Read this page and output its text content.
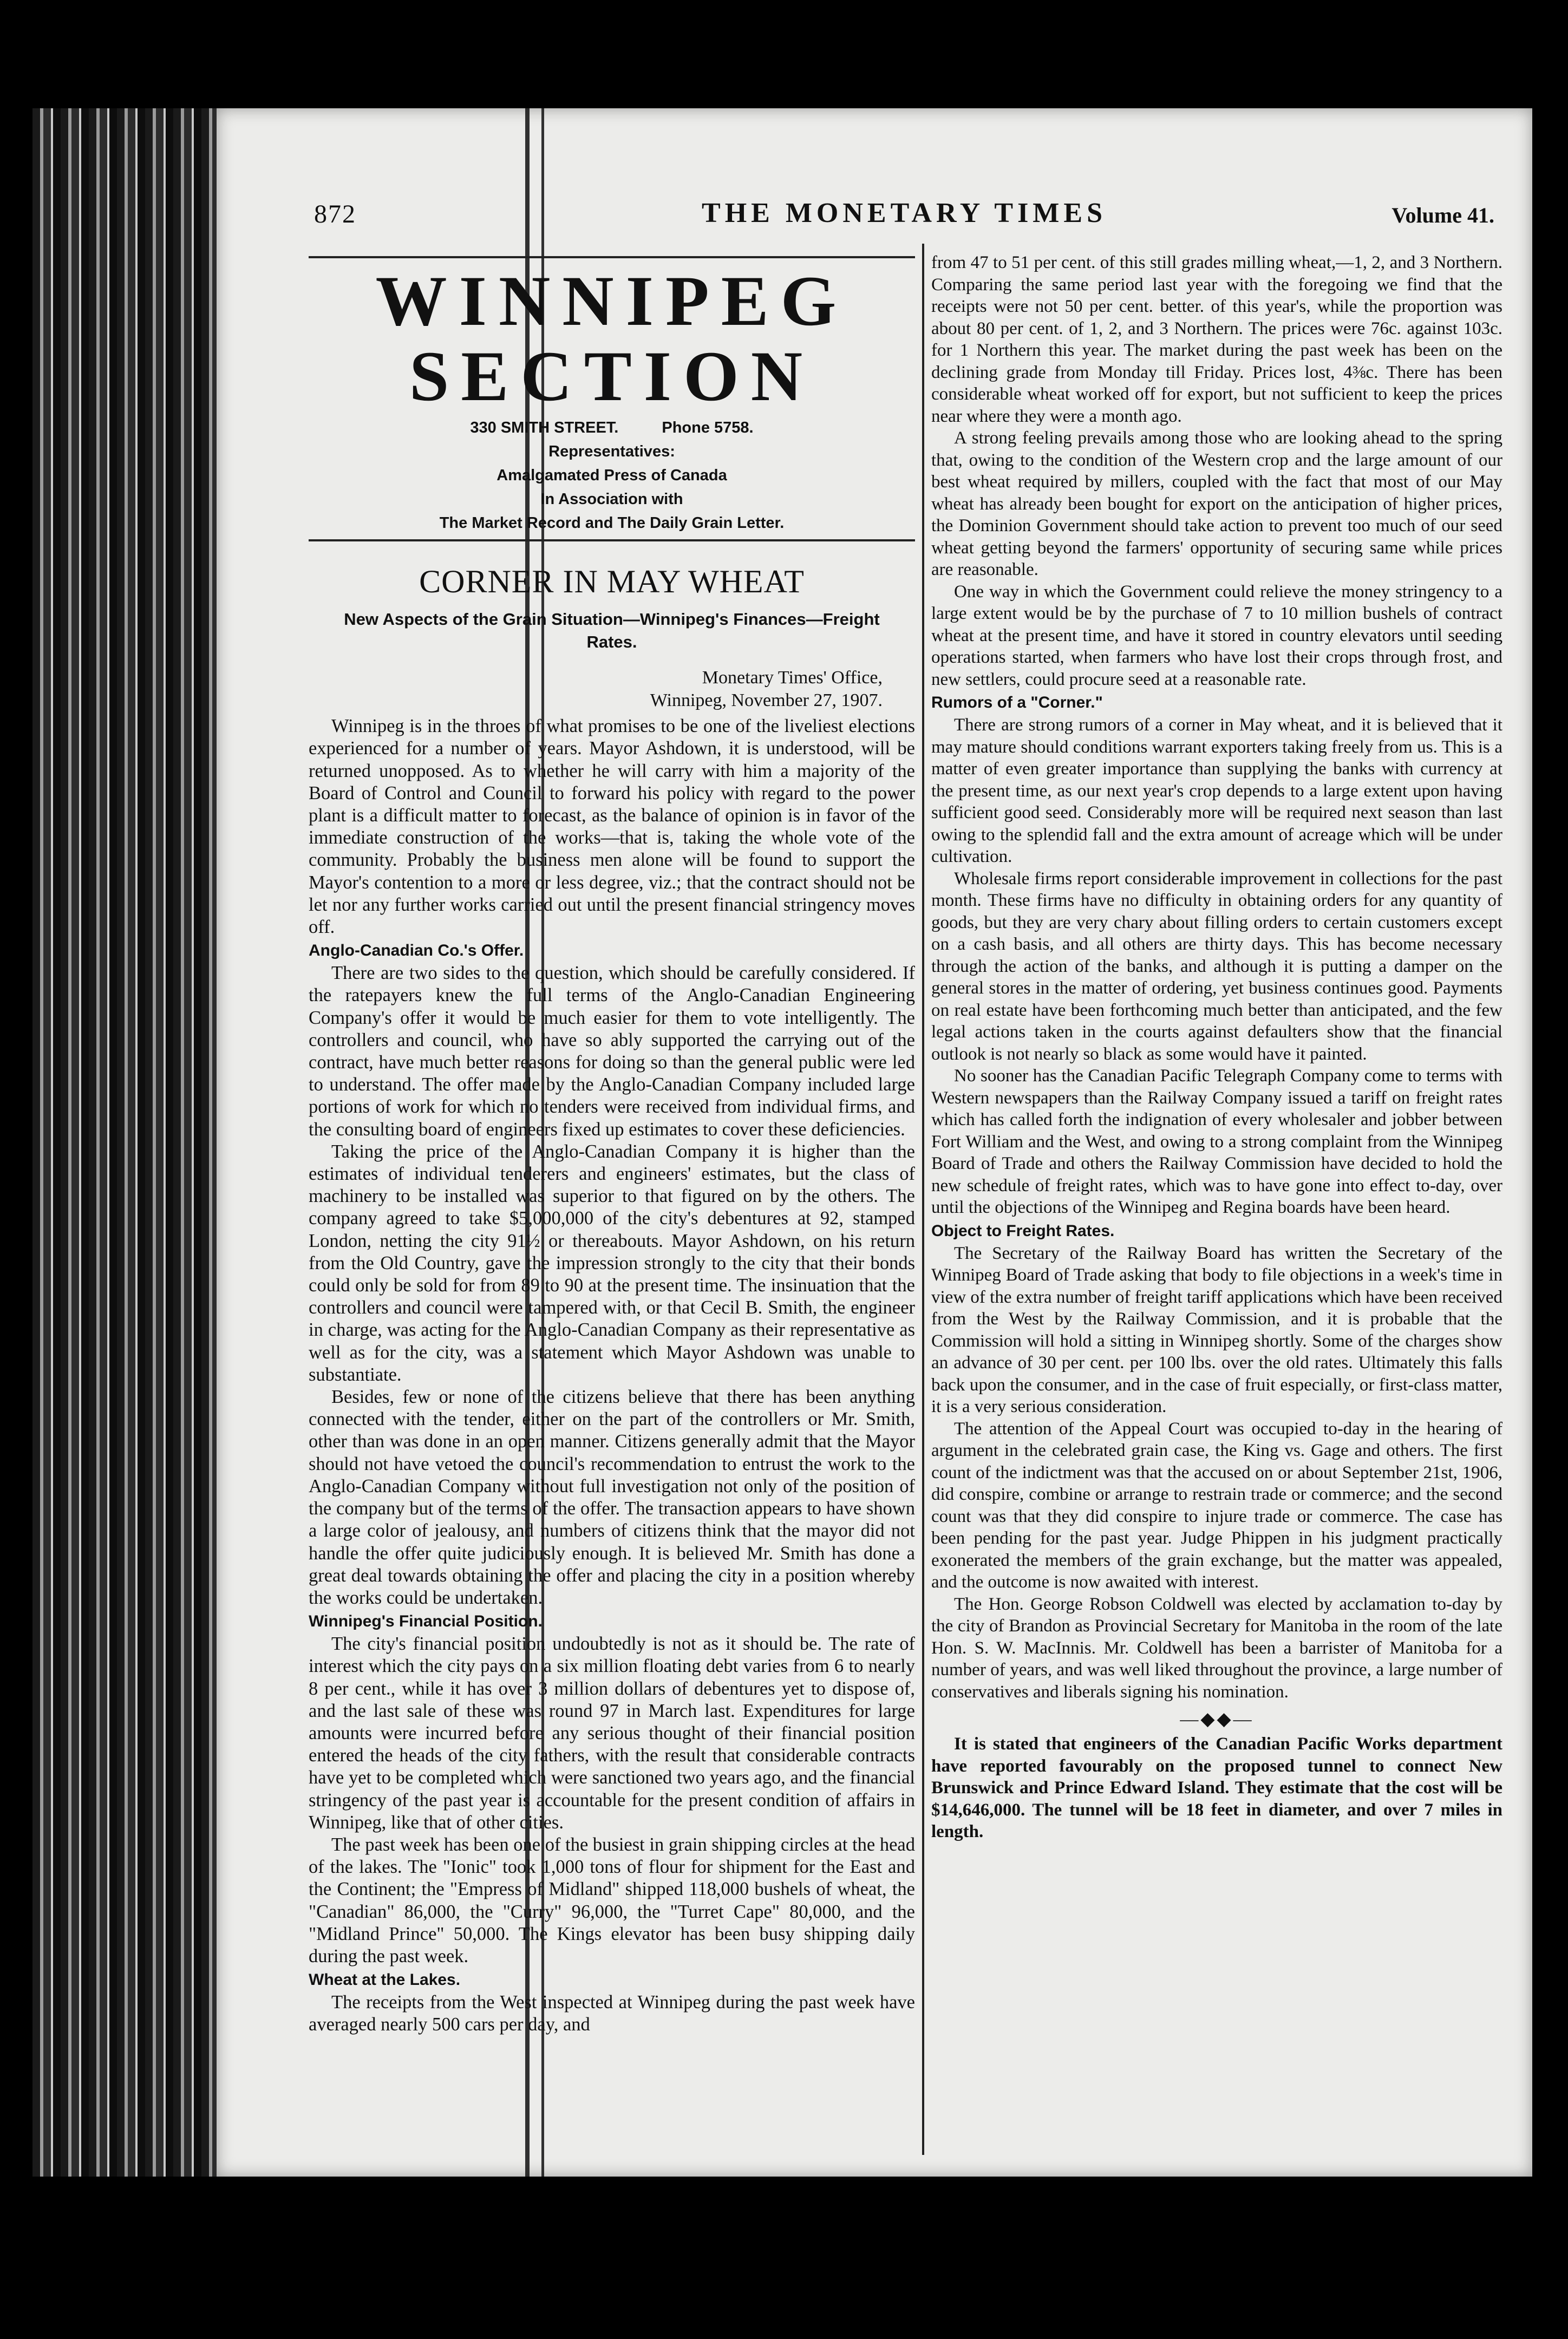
872	THE MONETARY TIMES	Volume 41.
WINNIPEG SECTION
330 SMITH STREET.	Phone 5758.
Representatives:
Amalgamated Press of Canada
In Association with
The Market Record and The Daily Grain Letter.
CORNER IN MAY WHEAT
New Aspects of the Grain Situation—Winnipeg's Finances—Freight Rates.
Monetary Times' Office,
Winnipeg, November 27, 1907.

Winnipeg is in the throes of what promises to be one of the liveliest elections experienced for a number of years. Mayor Ashdown, it is understood, will be returned unopposed. As to whether he will carry with him a majority of the Board of Control and Council to forward his policy with regard to the power plant is a difficult matter to forecast, as the balance of opinion is in favor of the immediate construction of the works—that is, taking the whole vote of the community. Probably the business men alone will be found to support the Mayor's contention to a more or less degree, viz.; that the contract should not be let nor any further works carried out until the present financial stringency moves off.

Anglo-Canadian Co.'s Offer.

There are two sides to the question, which should be carefully considered. If the ratepayers knew the full terms of the Anglo-Canadian Engineering Company's offer it would be much easier for them to vote intelligently. The controllers and council, who have so ably supported the carrying out of the contract, have much better reasons for doing so than the general public were led to understand. The offer made by the Anglo-Canadian Company included large portions of work for which no tenders were received from individual firms, and the consulting board of engineers fixed up estimates to cover these deficiencies.

Taking the price of the Anglo-Canadian Company it is higher than the estimates of individual tenderers and engineers' estimates, but the class of machinery to be installed was superior to that figured on by the others. The company agreed to take $5,000,000 of the city's debentures at 92, stamped London, netting the city 91½ or thereabouts. Mayor Ashdown, on his return from the Old Country, gave the impression strongly to the city that their bonds could only be sold for from 89 to 90 at the present time. The insinuation that the controllers and council were tampered with, or that Cecil B. Smith, the engineer in charge, was acting for the Anglo-Canadian Company as their representative as well as for the city, was a statement which Mayor Ashdown was unable to substantiate.

Besides, few or none of the citizens believe that there has been anything connected with the tender, either on the part of the controllers or Mr. Smith, other than was done in an open manner. Citizens generally admit that the Mayor should not have vetoed the council's recommendation to entrust the work to the Anglo-Canadian Company without full investigation not only of the position of the company but of the terms of the offer. The transaction appears to have shown a large color of jealousy, and numbers of citizens think that the mayor did not handle the offer quite judiciously enough. It is believed Mr. Smith has done a great deal towards obtaining the offer and placing the city in a position whereby the works could be undertaken.

Winnipeg's Financial Position.

The city's financial position undoubtedly is not as it should be. The rate of interest which the city pays on a six million floating debt varies from 6 to nearly 8 per cent., while it has over 3 million dollars of debentures yet to dispose of, and the last sale of these was round 97 in March last. Expenditures for large amounts were incurred before any serious thought of their financial position entered the heads of the city fathers, with the result that considerable contracts have yet to be completed which were sanctioned two years ago, and the financial stringency of the past year is accountable for the present condition of affairs in Winnipeg, like that of other cities.

The past week has been one of the busiest in grain shipping circles at the head of the lakes. The "Ionic" took 1,000 tons of flour for shipment for the East and the Continent; the "Empress of Midland" shipped 118,000 bushels of wheat, the "Canadian" 86,000, the "Curry" 96,000, the "Turret Cape" 80,000, and the "Midland Prince" 50,000. The Kings elevator has been busy shipping daily during the past week.

Wheat at the Lakes.

The receipts from the West inspected at Winnipeg during the past week have averaged nearly 500 cars per day, and

from 47 to 51 per cent. of this still grades milling wheat,—1, 2, and 3 Northern. Comparing the same period last year with the foregoing we find that the receipts were not 50 per cent. better. of this year's, while the proportion was about 80 per cent. of 1, 2, and 3 Northern. The prices were 76c. against 103c. for 1 Northern this year. The market during the past week has been on the declining grade from Monday till Friday. Prices lost, 4⅜c. There has been considerable wheat worked off for export, but not sufficient to keep the prices near where they were a month ago.

A strong feeling prevails among those who are looking ahead to the spring that, owing to the condition of the Western crop and the large amount of our best wheat required by millers, coupled with the fact that most of our May wheat has already been bought for export on the anticipation of higher prices, the Dominion Government should take action to prevent too much of our seed wheat getting beyond the farmers' opportunity of securing same while prices are reasonable.

One way in which the Government could relieve the money stringency to a large extent would be by the purchase of 7 to 10 million bushels of contract wheat at the present time, and have it stored in country elevators until seeding operations started, when farmers who have lost their crops through frost, and new settlers, could procure seed at a reasonable rate.

Rumors of a "Corner."

There are strong rumors of a corner in May wheat, and it is believed that it may mature should conditions warrant exporters taking freely from us. This is a matter of even greater importance than supplying the banks with currency at the present time, as our next year's crop depends to a large extent upon having sufficient good seed. Considerably more will be required next season than last owing to the splendid fall and the extra amount of acreage which will be under cultivation.

Wholesale firms report considerable improvement in collections for the past month. These firms have no difficulty in obtaining orders for any quantity of goods, but they are very chary about filling orders to certain customers except on a cash basis, and all others are thirty days. This has become necessary through the action of the banks, and although it is putting a damper on the general stores in the matter of ordering, yet business continues good. Payments on real estate have been forthcoming much better than anticipated, and the few legal actions taken in the courts against defaulters show that the financial outlook is not nearly so black as some would have it painted.

No sooner has the Canadian Pacific Telegraph Company come to terms with Western newspapers than the Railway Company issued a tariff on freight rates which has called forth the indignation of every wholesaler and jobber between Fort William and the West, and owing to a strong complaint from the Winnipeg Board of Trade and others the Railway Commission have decided to hold the new schedule of freight rates, which was to have gone into effect to-day, over until the objections of the Winnipeg and Regina boards have been heard.

Object to Freight Rates.

The Secretary of the Railway Board has written the Secretary of the Winnipeg Board of Trade asking that body to file objections in a week's time in view of the extra number of freight tariff applications which have been received from the West by the Railway Commission, and it is probable that the Commission will hold a sitting in Winnipeg shortly. Some of the charges show an advance of 30 per cent. per 100 lbs. over the old rates. Ultimately this falls back upon the consumer, and in the case of fruit especially, or first-class matter, it is a very serious consideration.

The attention of the Appeal Court was occupied to-day in the hearing of argument in the celebrated grain case, the King vs. Gage and others. The first count of the indictment was that the accused on or about September 21st, 1906, did conspire, combine or arrange to restrain trade or commerce; and the second count was that they did conspire to injure trade or commerce. The case has been pending for the past year. Judge Phippen in his judgment practically exonerated the members of the grain exchange, but the matter was appealed, and the outcome is now awaited with interest.

The Hon. George Robson Coldwell was elected by acclamation to-day by the city of Brandon as Provincial Secretary for Manitoba in the room of the late Hon. S. W. MacInnis. Mr. Coldwell has been a barrister of Manitoba for a number of years, and was well liked throughout the province, a large number of conservatives and liberals signing his nomination.

—◆◆—

It is stated that engineers of the Canadian Pacific Works department have reported favourably on the proposed tunnel to connect New Brunswick and Prince Edward Island. They estimate that the cost will be $14,646,000. The tunnel will be 18 feet in diameter, and over 7 miles in length.
